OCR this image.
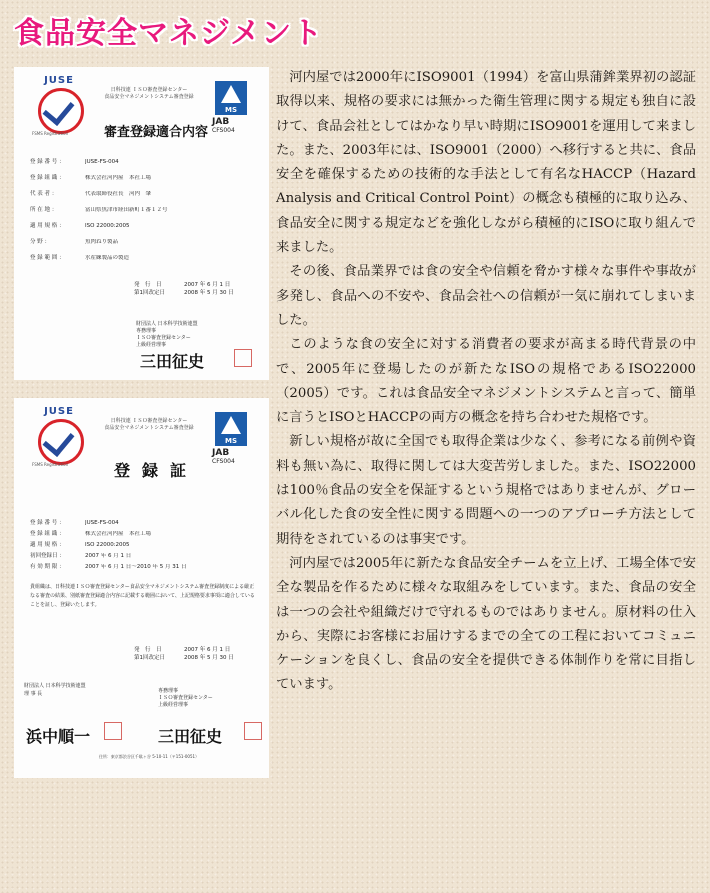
食品安全マネジメント
JUSE
FSMS Registration
日科技連 ＩＳＯ審査登録センター
食品安全マネジメントシステム審査登録
MS
JAB
CFS004
審査登録適合内容
登 録 番 号 ：	JUSE-FS-004
登 録 組 織 ：	株式会社河内屋　本社工場
代 表 者 ：	代表取締役社長　河内　肇
所 在 地 ：	富山県魚津市経田新町１番１２号
適 用 規 格 ：	ISO 22000:2005
分 野 ：	魚肉ねり製品
登 録 範 囲 ：	水産練製品の製造
発　行　日	2007 年 6 月 1 日
第1回改定日	2008 年 5 月 30 日
財団法人 日本科学技術連盟
専務理事
ＩＳＯ審査登録センター
上級経営理事
三田征史
JUSE
FSMS Registration
日科技連 ＩＳＯ審査登録センター
食品安全マネジメントシステム審査登録
MS
JAB
CFS004
登録証
登 録 番 号 ：	JUSE-FS-004
登 録 組 織 ：	株式会社河内屋　本社工場
適 用 規 格 ：	ISO 22000:2005
初回登録日 ：	2007 年 6 月 1 日
有 効 期 限 ：	2007 年 6 月 1 日〜2010 年 5 月 31 日
貴組織は、日科技連ＩＳＯ審査登録センター食品安全マネジメントシステム審査登録制度による厳正なる審査の結果、別紙審査登録適合内容に記載する範囲において、上記規格要求事項に適合していることを証し、登録いたします。
発　行　日	2007 年 6 月 1 日
第1回改定日	2008 年 5 月 30 日
財団法人 日本科学技術連盟
理 事 長	専務理事
ＩＳＯ審査登録センター
上級経営理事
浜中順一	三田征史
住所：東京都渋谷区千駄ヶ谷 5-10-11（〒151-0051）

河内屋では2000年にISO9001（1994）を富山県蒲鉾業界初の認証取得以来、規格の要求には無かった衛生管理に関する規定も独自に設けて、食品会社としてはかなり早い時期にISO9001を運用して来ました。また、2003年には、ISO9001（2000）へ移行すると共に、食品安全を確保するための技術的な手法として有名なHACCP（Hazard Analysis and Critical Control Point）の概念も積極的に取り込み、食品安全に関する規定などを強化しながら積極的にISOに取り組んで来ました。

その後、食品業界では食の安全や信頼を脅かす様々な事件や事故が多発し、食品への不安や、食品会社への信頼が一気に崩れてしまいました。

このような食の安全に対する消費者の要求が高まる時代背景の中で、2005年に登場したのが新たなISOの規格であるISO22000（2005）です。これは食品安全マネジメントシステムと言って、簡単に言うとISOとHACCPの両方の概念を持ち合わせた規格です。

新しい規格が故に全国でも取得企業は少なく、参考になる前例や資料も無い為に、取得に関しては大変苦労しました。また、ISO22000は100％食品の安全を保証するという規格ではありませんが、グローバル化した食の安全性に関する問題への一つのアプローチ方法として期待をされているのは事実です。

河内屋では2005年に新たな食品安全チームを立上げ、工場全体で安全な製品を作るために様々な取組みをしています。また、食品の安全は一つの会社や組織だけで守れるものではありません。原材料の仕入から、実際にお客様にお届けするまでの全ての工程においてコミュニケーションを良くし、食品の安全を提供できる体制作りを常に目指しています。
